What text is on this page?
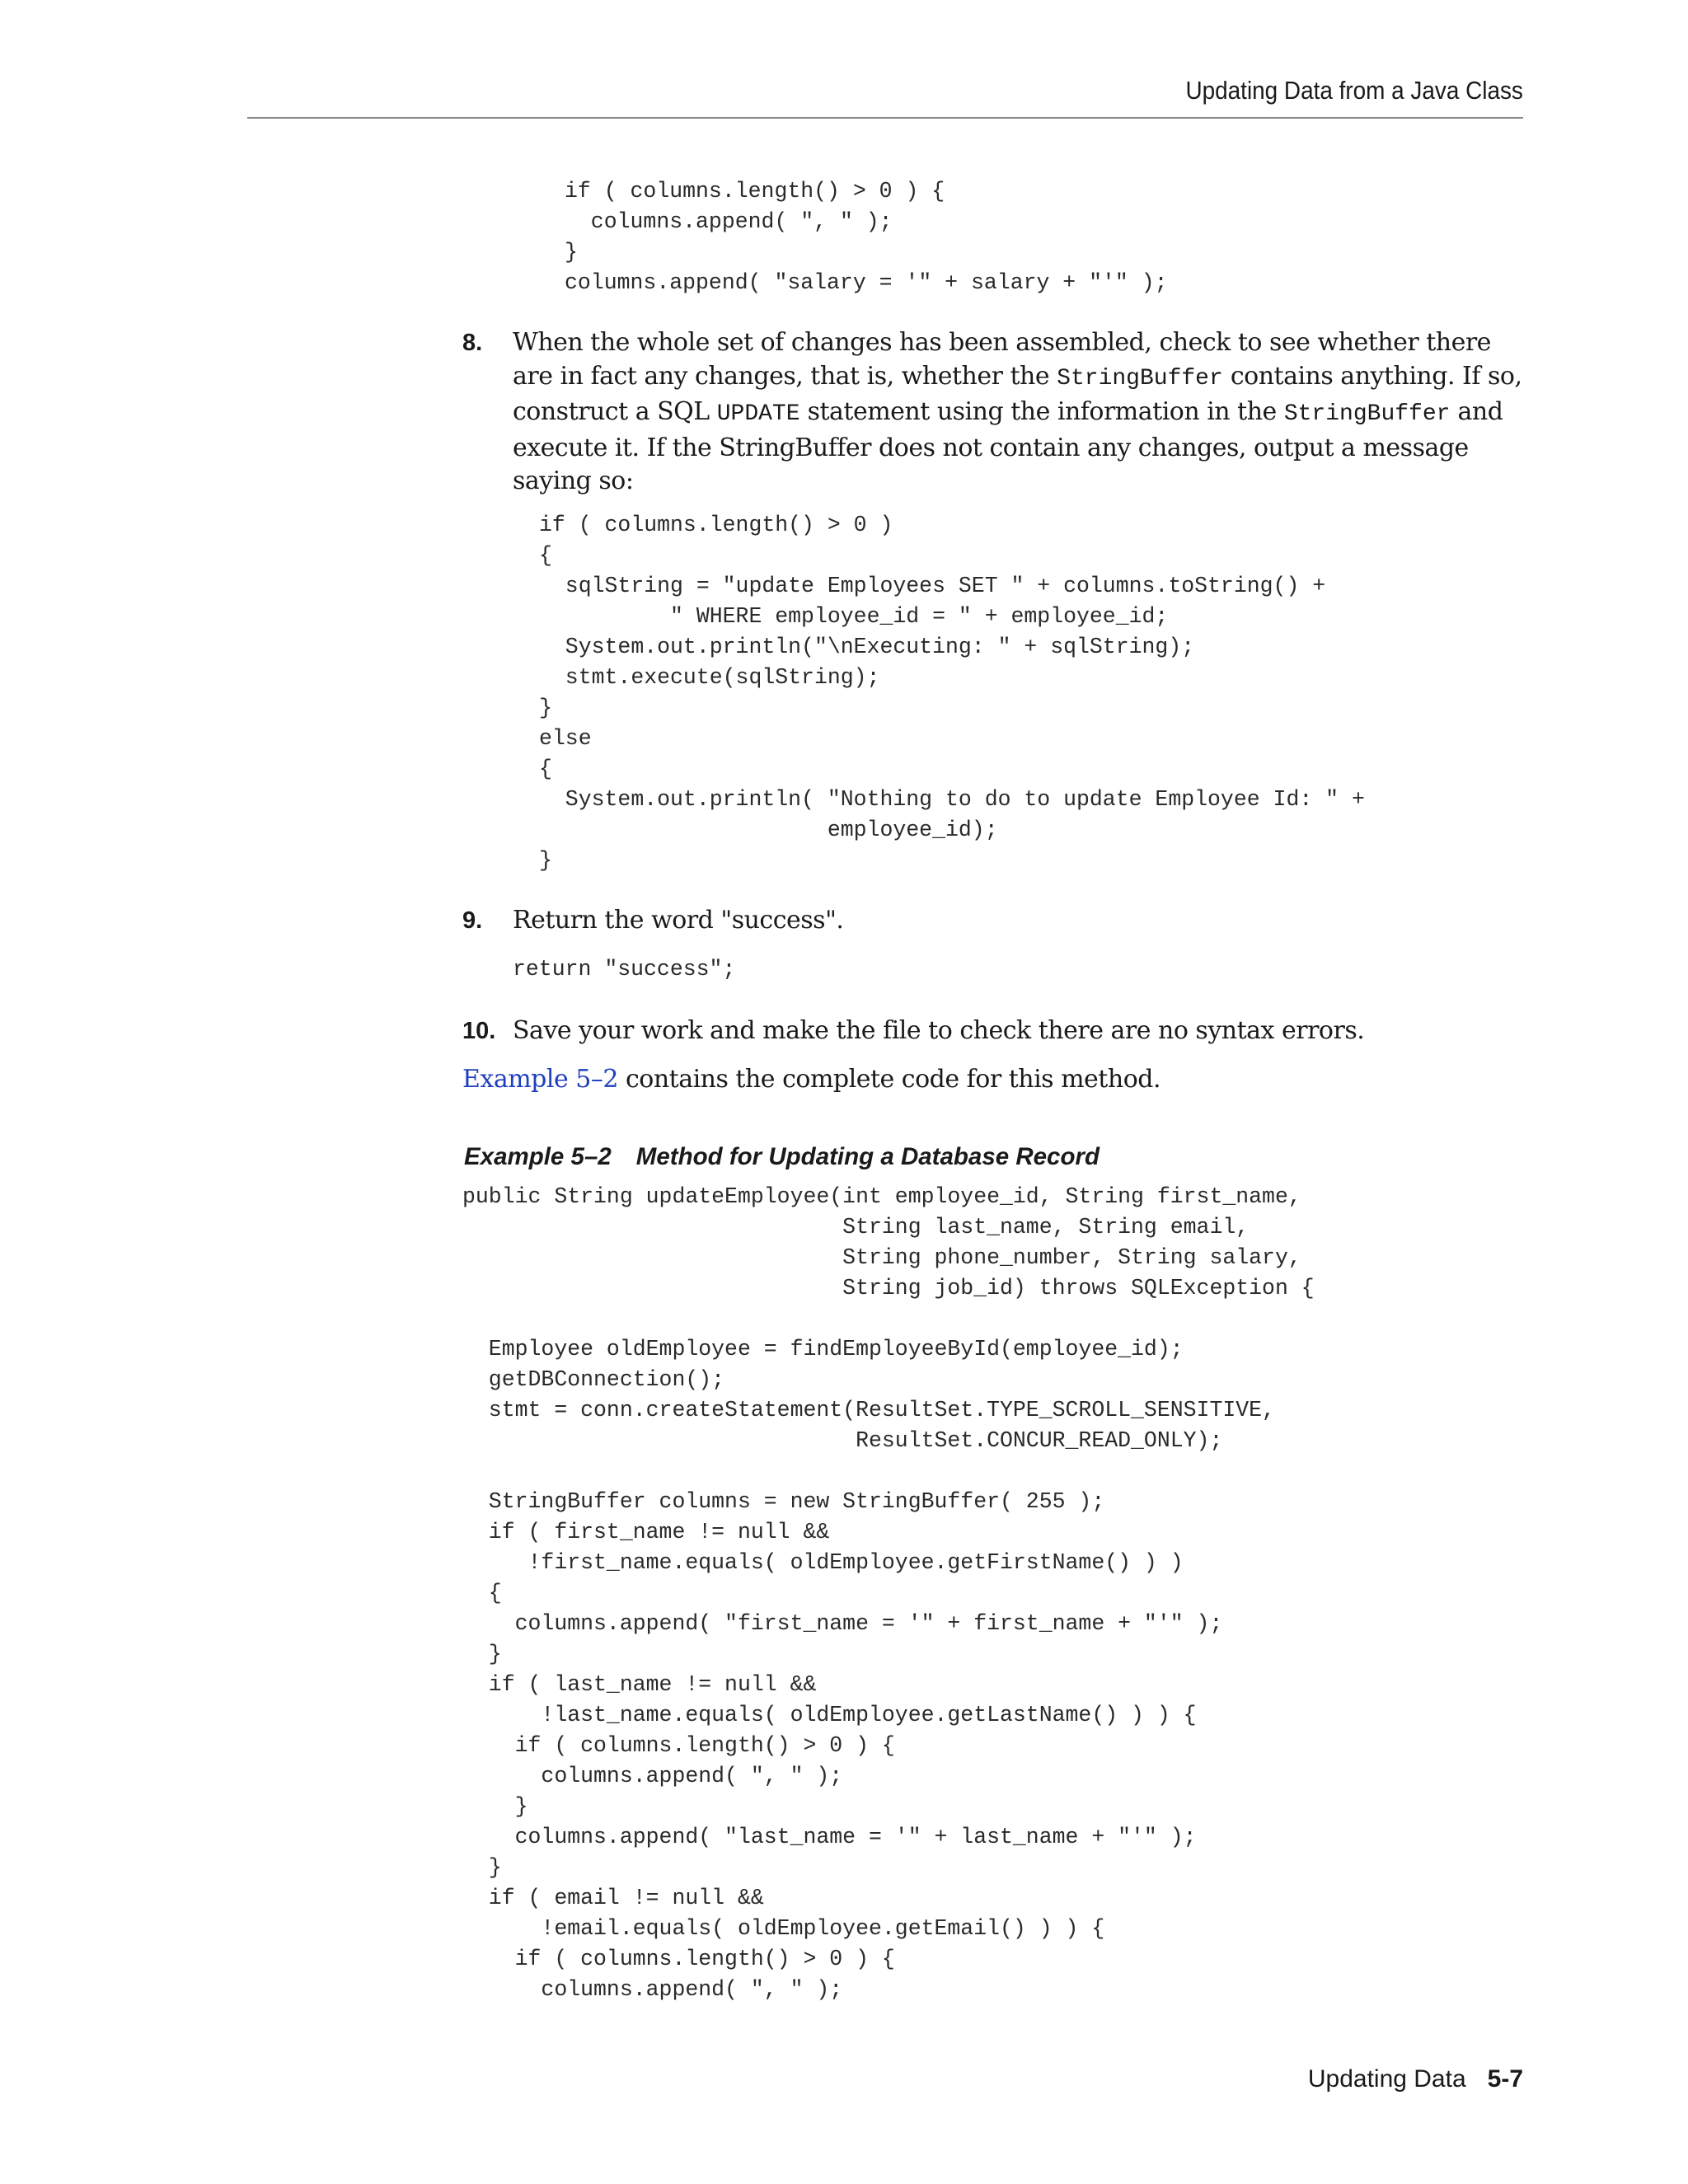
Updating Data from a Java Class
if ( columns.length() > 0 ) {
columns.append( ", " );
}
columns.append( "salary = '" + salary + "'" );
8. When the whole set of changes has been assembled, check to see whether there are in fact any changes, that is, whether the StringBuffer contains anything. If so, construct a SQL UPDATE statement using the information in the StringBuffer and execute it. If the StringBuffer does not contain any changes, output a message saying so:

if ( columns.length() > 0 )
{
sqlString = "update Employees SET " + columns.toString() +
" WHERE employee_id = " + employee_id;
System.out.println("\nExecuting: " + sqlString);
stmt.execute(sqlString);
}
else
{
System.out.println( "Nothing to do to update Employee Id: " +
employee_id);
}
9. Return the word "success".

return "success";
10. Save your work and make the file to check there are no syntax errors.

Example 5–2 contains the complete code for this method.

Example 5–2 Method for Updating a Database Record
public String updateEmployee(int employee_id, String first_name,
String last_name, String email,
String phone_number, String salary,
String job_id) throws SQLException {

Employee oldEmployee = findEmployeeById(employee_id);
getDBConnection();
stmt = conn.createStatement(ResultSet.TYPE_SCROLL_SENSITIVE,
ResultSet.CONCUR_READ_ONLY);

StringBuffer columns = new StringBuffer( 255 );
if ( first_name != null &&
!first_name.equals( oldEmployee.getFirstName() ) )
{
columns.append( "first_name = '" + first_name + "'" );
}
if ( last_name != null &&
!last_name.equals( oldEmployee.getLastName() ) ) {
if ( columns.length() > 0 ) {
columns.append( ", " );
}
columns.append( "last_name = '" + last_name + "'" );
}
if ( email != null &&
!email.equals( oldEmployee.getEmail() ) ) {
if ( columns.length() > 0 ) {
columns.append( ", " );
Updating Data 5-7
